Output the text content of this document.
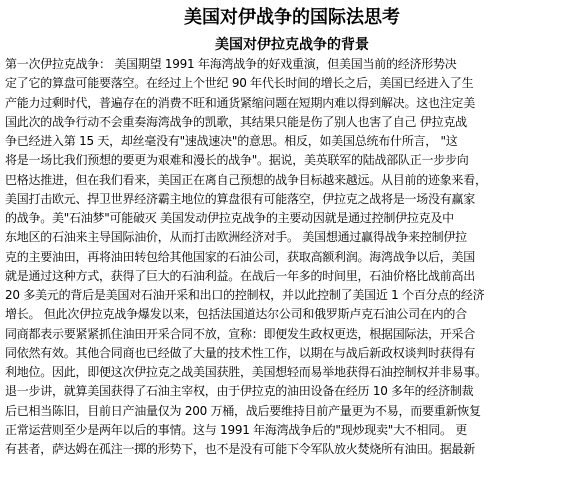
美国对伊战争的国际法思考
美国对伊拉克战争的背景
第一次伊拉克战争： 美国期望 1991 年海湾战争的好戏重演，但美国当前的经济形势决
定了它的算盘可能要落空。在经过上个世纪 90 年代长时间的增长之后，美国已经进入了生
产能力过剩时代，普遍存在的消费不旺和通货紧缩问题在短期内难以得到解决。这也注定美
国此次的战争行动不会重奏海湾战争的凯歌，其结果只能是伤了别人也害了自己 伊拉克战
争已经进入第 15 天，却丝毫没有"速战速决"的意思。相反，如美国总统布什所言， "这
将是一场比我们预想的要更为艰难和漫长的战争"。据说，美英联军的陆战部队正一步步向
巴格达推进，但在我们看来，美国正在离自己预想的战争目标越来越远。从目前的迹象来看，
美国打击欧元、捍卫世界经济霸主地位的算盘很有可能落空，伊拉克之战将是一场没有赢家
的战争。美"石油梦"可能破灭 美国发动伊拉克战争的主要动因就是通过控制伊拉克及中
东地区的石油来主导国际油价，从而打击欧洲经济对手。 美国想通过赢得战争来控制伊拉
克的主要油田，再将油田转包给其他国家的石油公司，获取高额利润。海湾战争以后，美国
就是通过这种方式，获得了巨大的石油利益。在战后一年多的时间里，石油价格比战前高出
20 多美元的背后是美国对石油开采和出口的控制权，并以此控制了美国近 1 个百分点的经济
增长。 但此次伊拉克战争爆发以来，包括法国道达尔公司和俄罗斯卢克石油公司在内的合
同商都表示要紧紧抓住油田开采合同不放，宣称：即便发生政权更迭，根据国际法，开采合
同依然有效。其他合同商也已经做了大量的技术性工作，以期在与战后新政权谈判时获得有
利地位。因此，即便这次伊拉克之战美国获胜，美国想轻而易举地获得石油控制权并非易事。
退一步讲，就算美国获得了石油主宰权，由于伊拉克的油田设备在经历 10 多年的经济制裁
后已相当陈旧，目前日产油量仅为 200 万桶，战后要维持目前产量更为不易，而要重新恢复
正常运营则至少是两年以后的事情。这与 1991 年海湾战争后的"现炒现卖"大不相同。 更
有甚者，萨达姆在孤注一掷的形势下，也不是没有可能下令军队放火焚烧所有油田。据最新
